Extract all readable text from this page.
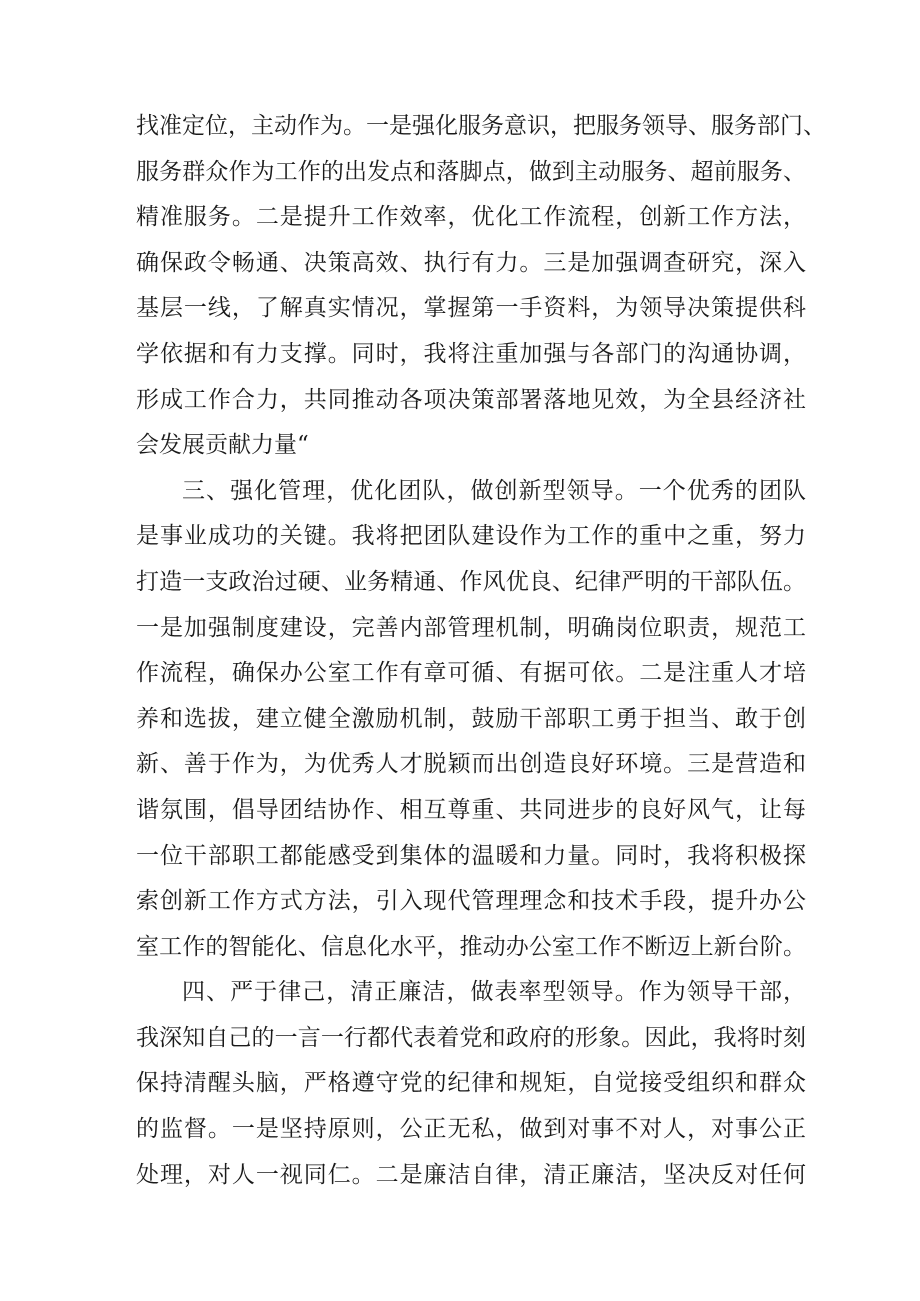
找准定位，主动作为。一是强化服务意识，把服务领导、服务部门、
服务群众作为工作的出发点和落脚点，做到主动服务、超前服务、
精准服务。二是提升工作效率，优化工作流程，创新工作方法，
确保政令畅通、决策高效、执行有力。三是加强调查研究，深入
基层一线，了解真实情况，掌握第一手资料，为领导决策提供科
学依据和有力支撑。同时，我将注重加强与各部门的沟通协调，
形成工作合力，共同推动各项决策部署落地见效，为全县经济社
会发展贡献力量“
三、强化管理，优化团队，做创新型领导。一个优秀的团队
是事业成功的关键。我将把团队建设作为工作的重中之重，努力
打造一支政治过硬、业务精通、作风优良、纪律严明的干部队伍。
一是加强制度建设，完善内部管理机制，明确岗位职责，规范工
作流程，确保办公室工作有章可循、有据可依。二是注重人才培
养和选拔，建立健全激励机制，鼓励干部职工勇于担当、敢于创
新、善于作为，为优秀人才脱颖而出创造良好环境。三是营造和
谐氛围，倡导团结协作、相互尊重、共同进步的良好风气，让每
一位干部职工都能感受到集体的温暖和力量。同时，我将积极探
索创新工作方式方法，引入现代管理理念和技术手段，提升办公
室工作的智能化、信息化水平，推动办公室工作不断迈上新台阶。
四、严于律己，清正廉洁，做表率型领导。作为领导干部，
我深知自己的一言一行都代表着党和政府的形象。因此，我将时刻
保持清醒头脑，严格遵守党的纪律和规矩，自觉接受组织和群众
的监督。一是坚持原则，公正无私，做到对事不对人，对事公正
处理，对人一视同仁。二是廉洁自律，清正廉洁，坚决反对任何
